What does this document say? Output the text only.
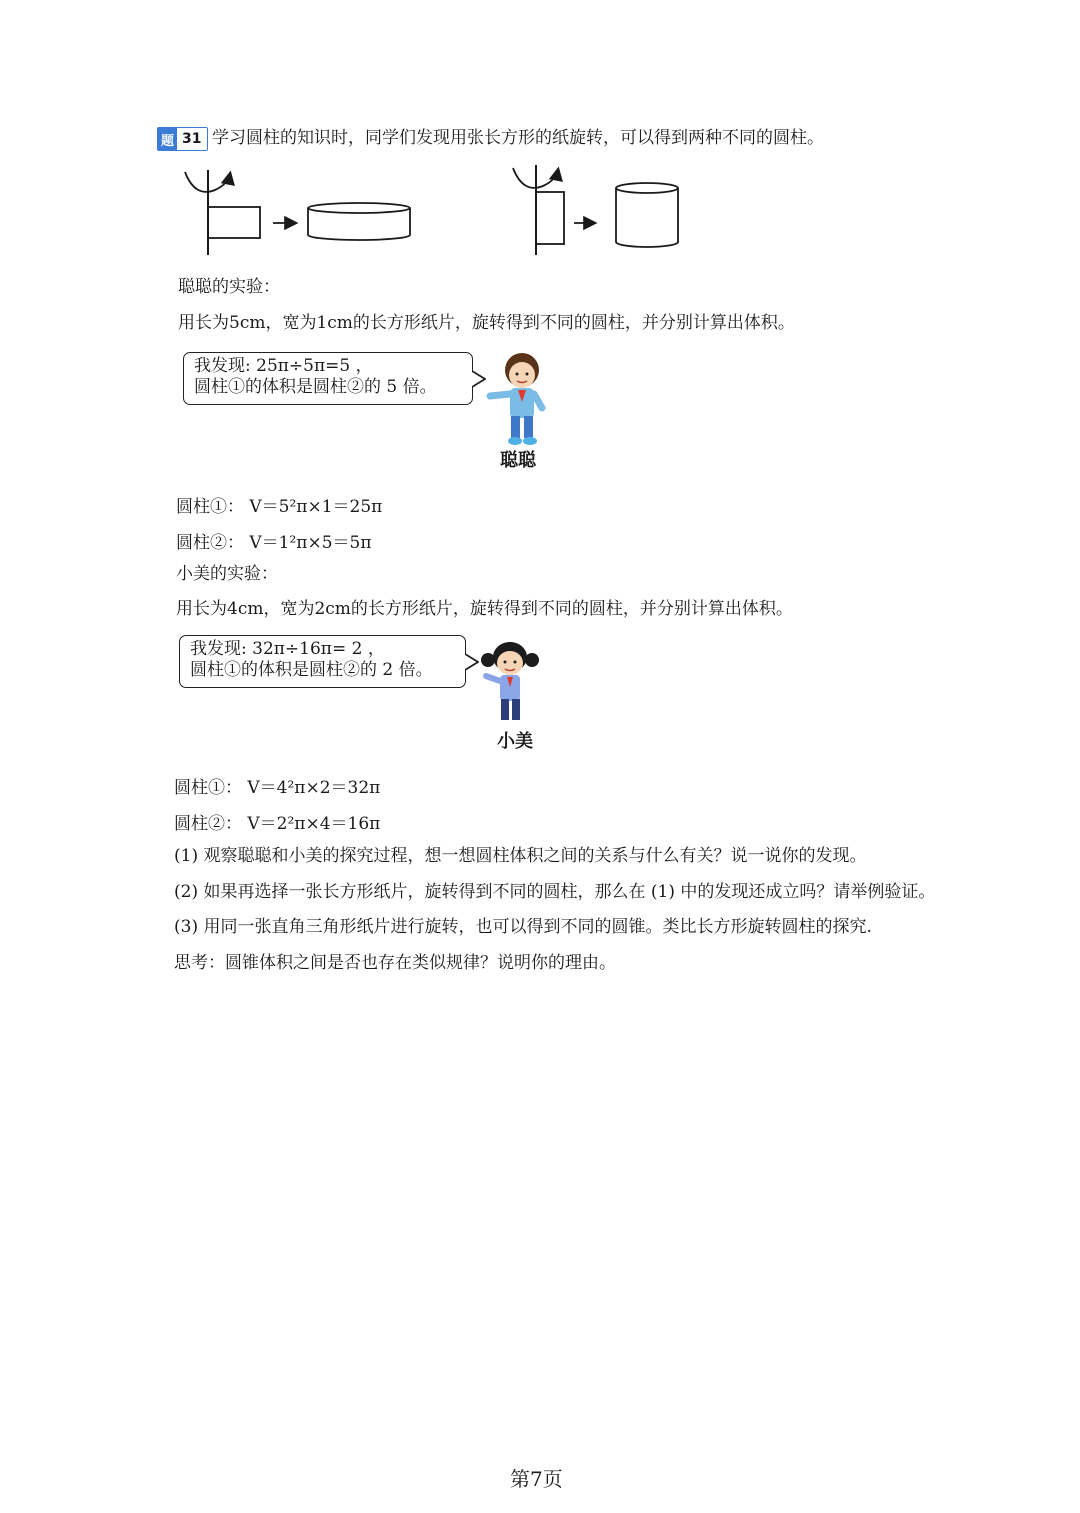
题 31 学习圆柱的知识时，同学们发现用张长方形的纸旋转，可以得到两种不同的圆柱。
聪聪的实验：
用长为5cm，宽为1cm的长方形纸片，旋转得到不同的圆柱，并分别计算出体积。
我发现: 25π÷5π=5 ，
圆柱①的体积是圆柱②的 5 倍。
聪聪
圆柱①： V＝5²π×1＝25π
圆柱②： V＝1²π×5＝5π
小美的实验：
用长为4cm，宽为2cm的长方形纸片，旋转得到不同的圆柱，并分别计算出体积。
我发现: 32π÷16π= 2 ，
圆柱①的体积是圆柱②的 2 倍。
小美
圆柱①： V＝4²π×2＝32π
圆柱②： V＝2²π×4＝16π
(1) 观察聪聪和小美的探究过程，想一想圆柱体积之间的关系与什么有关？说一说你的发现。
(2) 如果再选择一张长方形纸片，旋转得到不同的圆柱，那么在 (1) 中的发现还成立吗？请举例验证。
(3) 用同一张直角三角形纸片进行旋转，也可以得到不同的圆锥。类比长方形旋转圆柱的探究.
思考：圆锥体积之间是否也存在类似规律？说明你的理由。
第7页
